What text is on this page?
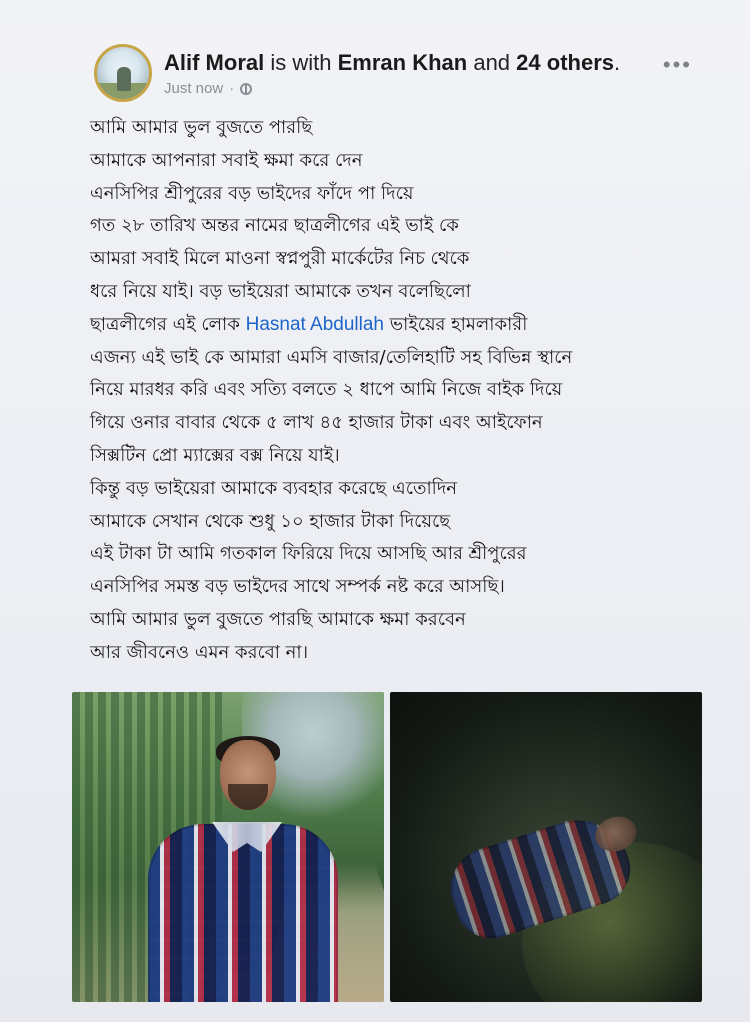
Alif Moral is with Emran Khan and 24 others.
Just now ·
•••
আমি আমার ভুল বুজতে পারছি
আমাকে আপনারা সবাই ক্ষমা করে দেন
এনসিপির শ্রীপুরের বড় ভাইদের ফাঁদে পা দিয়ে
গত ২৮ তারিখ অন্তর নামের ছাত্রলীগের এই ভাই কে
আমরা সবাই মিলে মাওনা স্বপ্নপুরী মার্কেটের নিচ থেকে
ধরে নিয়ে যাই। বড় ভাইয়েরা আমাকে তখন বলেছিলো
ছাত্রলীগের এই লোক Hasnat Abdullah ভাইয়ের হামলাকারী
এজন্য এই ভাই কে আমারা এমসি বাজার/তেলিহাটি সহ বিভিন্ন স্থানে
নিয়ে মারধর করি এবং সত্যি বলতে ২ ধাপে আমি নিজে বাইক দিয়ে
গিয়ে ওনার বাবার থেকে ৫ লাখ ৪৫ হাজার টাকা এবং আইফোন
সিক্সটিন প্রো ম্যাক্সের বক্স নিয়ে যাই।
কিন্তু বড় ভাইয়েরা আমাকে ব্যবহার করেছে এতোদিন
আমাকে সেখান থেকে শুধু ১০ হাজার টাকা দিয়েছে
এই টাকা টা আমি গতকাল ফিরিয়ে দিয়ে আসছি আর শ্রীপুরের
এনসিপির সমস্ত বড় ভাইদের সাথে সম্পর্ক নষ্ট করে আসছি।
আমি আমার ভুল বুজতে পারছি আমাকে ক্ষমা করবেন
আর জীবনেও এমন করবো না।
